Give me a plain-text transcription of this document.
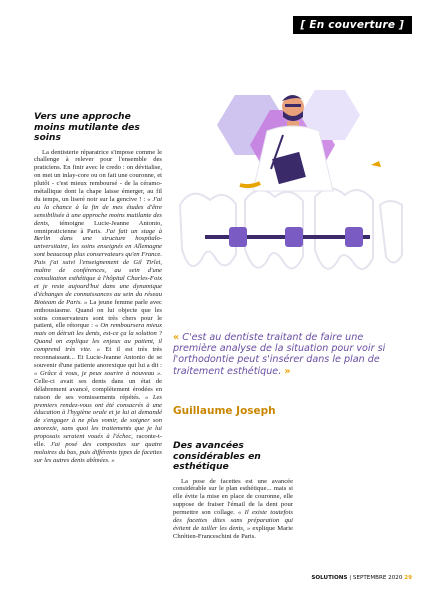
[ En couverture ]
Vers une approche moins mutilante des soins

La dentisterie réparatrice s'impose comme le challenge à relever pour l'ensemble des praticiens. En finir avec le credo : on dévitalise, on met un inlay-core ou on fait une couronne, et plutôt - c'est mieux remboursé - de la céramo-métallique dont la chape laisse émerger, au fil du temps, un liseré noir sur la gencive ! : « J'ai eu la chance à la fin de mes études d'être sensibilisée à une approche moins mutilante des dents, témoigne Lucie-Jeanne Antonio, omnipraticienne à Paris. J'ai fait un stage à Berlin dans une structure hospitalo-universitaire, les soins enseignés en Allemagne sont beaucoup plus conservateurs qu'en France. Puis j'ai suivi l'enseignement de Gil Tirlet, maître de conférences, au sein d'une consultation esthétique à l'hôpital Charles-Foix et je reste aujourd'hui dans une dynamique d'échanges de connaissances au sein du réseau Bioteam de Paris. » La jeune femme parle avec enthousiasme. Quand on lui objecte que les soins conservateurs sont très chers pour le patient, elle rétorque : « On remboursera mieux mais on détruit les dents, est-ce ça la solution ? Quand on explique les enjeux au patient, il comprend très vite. » Et il est très très reconnaissant... Et Lucie-Jeanne Antonio de se souvenir d'une patiente anorexique qui lui a dit : « Grâce à vous, je peux sourire à nouveau ». Celle-ci avait ses dents dans un état de délabrement avancé, complètement érodées en raison de ses vomissements répétés. « Les premiers rendez-vous ont été consacrés à une éducation à l'hygiène orale et je lui ai demandé de s'engager à ne plus vomir, de soigner son anorexie, sans quoi les traitements que je lui proposais seraient voués à l'échec, raconte-t-elle. J'ai posé des composites sur quatre molaires du bas, puis différents types de facettes sur les autres dents abîmées. »

« C'est au dentiste traitant de faire une première analyse de la situation pour voir si l'orthodontie peut s'insérer dans le plan de traitement esthétique. »
Guillaume Joseph
Des avancées considérables en esthétique

La pose de facettes est une avancée considérable sur le plan esthétique... mais si elle évite la mise en place de couronne, elle suppose de fraiser l'émail de la dent pour permettre son collage. « Il existe toutefois des facettes dites sans préparation qui évitent de tailler les dents, » explique Marie Chrétien-Franceschini de Paris.

SOLUTIONS | SEPTEMBRE 2020 29
